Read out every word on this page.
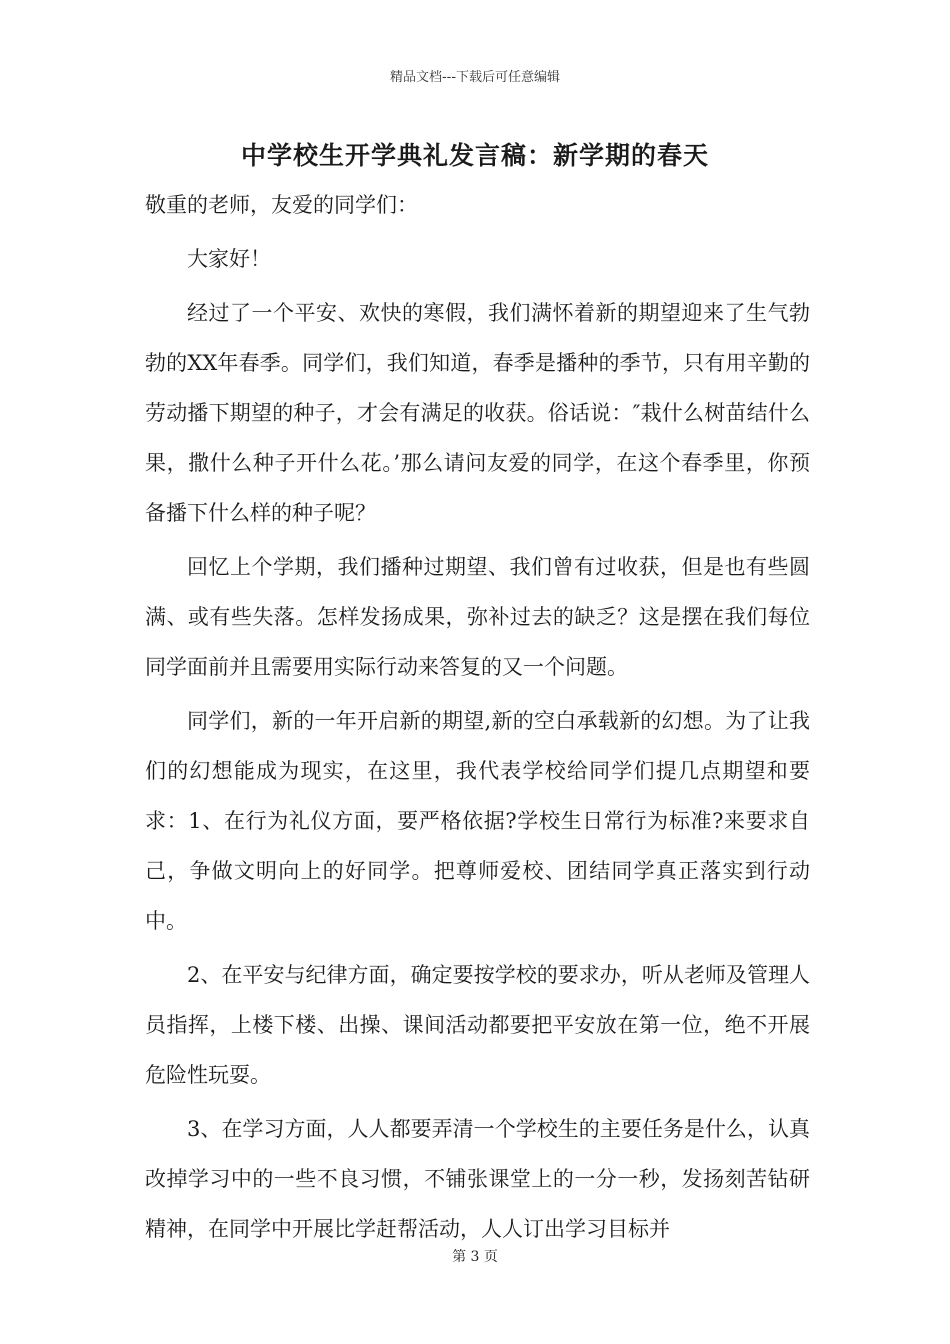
精品文档---下载后可任意编辑
中学校生开学典礼发言稿：新学期的春天

敬重的老师，友爱的同学们：

大家好！

经过了一个平安、欢快的寒假，我们满怀着新的期望迎来了生气勃勃的XX年春季。同学们，我们知道，春季是播种的季节，只有用辛勤的劳动播下期望的种子，才会有满足的收获。俗话说：″栽什么树苗结什么果，撒什么种子开什么花。’那么请问友爱的同学，在这个春季里，你预备播下什么样的种子呢？

回忆上个学期，我们播种过期望、我们曾有过收获，但是也有些圆满、或有些失落。怎样发扬成果，弥补过去的缺乏？这是摆在我们每位同学面前并且需要用实际行动来答复的又一个问题。

同学们，新的一年开启新的期望,新的空白承载新的幻想。为了让我们的幻想能成为现实，在这里，我代表学校给同学们提几点期望和要求：1、在行为礼仪方面，要严格依据?学校生日常行为标准?来要求自己，争做文明向上的好同学。把尊师爱校、团结同学真正落实到行动中。

2、在平安与纪律方面，确定要按学校的要求办，听从老师及管理人员指挥，上楼下楼、出操、课间活动都要把平安放在第一位，绝不开展危险性玩耍。

3、在学习方面，人人都要弄清一个学校生的主要任务是什么，认真改掉学习中的一些不良习惯，不铺张课堂上的一分一秒，发扬刻苦钻研精神，在同学中开展比学赶帮活动，人人订出学习目标并

第 3 页
